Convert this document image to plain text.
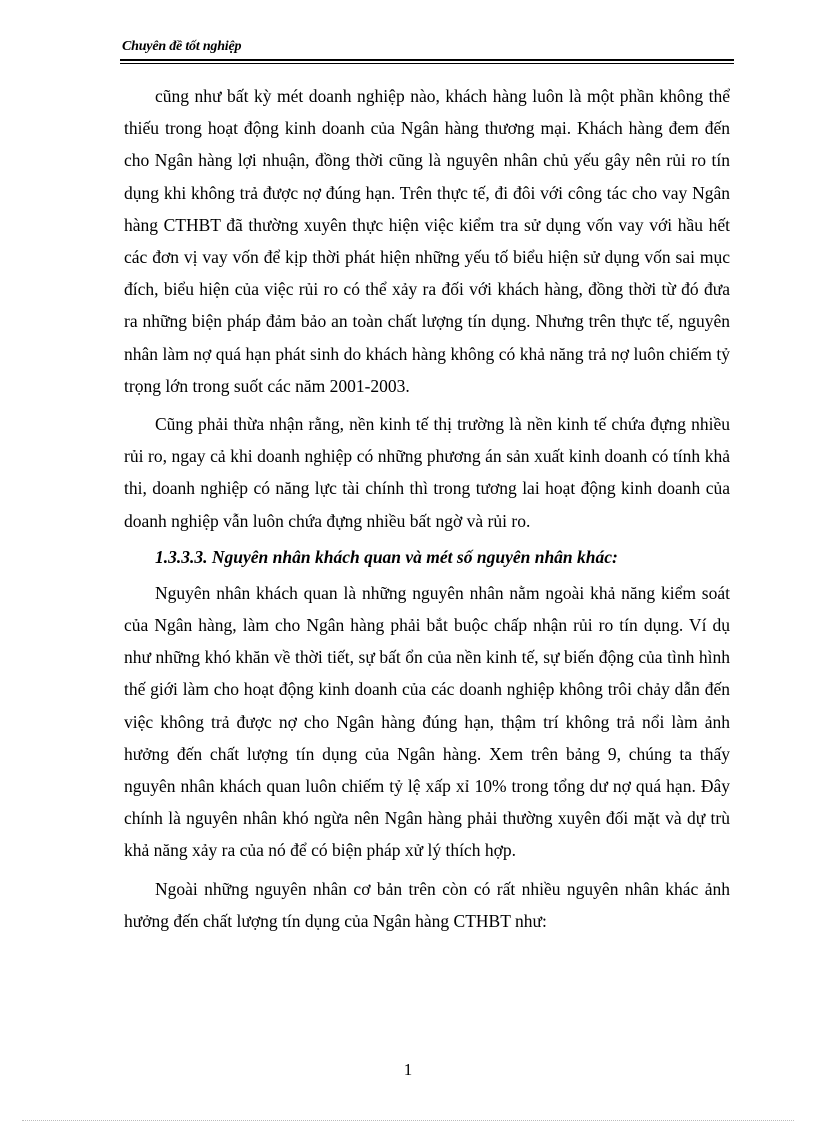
Chuyên đề tốt nghiệp

cũng như bất kỳ mét doanh nghiệp nào, khách hàng luôn là một phần không thể thiếu trong hoạt động kinh doanh của Ngân hàng thương mại. Khách hàng đem đến cho Ngân hàng lợi nhuận, đồng thời cũng là nguyên nhân chủ yếu gây nên rủi ro tín dụng khi không trả được nợ đúng hạn. Trên thực tế, đi đôi với công tác cho vay Ngân hàng CTHBT đã thường xuyên thực hiện việc kiểm tra sử dụng vốn vay với hầu hết các đơn vị vay vốn để kịp thời phát hiện những yếu tố biểu hiện sử dụng vốn sai mục đích, biểu hiện của việc rủi ro có thể xảy ra đối với khách hàng, đồng thời từ đó đưa ra những biện pháp đảm bảo an toàn chất lượng tín dụng. Nhưng trên thực tế, nguyên nhân làm nợ quá hạn phát sinh do khách hàng không có khả năng trả nợ luôn chiếm tỷ trọng lớn trong suốt các năm 2001-2003.

Cũng phải thừa nhận rằng, nền kinh tế thị trường là nền kinh tế chứa đựng nhiều rủi ro, ngay cả khi doanh nghiệp có những phương án sản xuất kinh doanh có tính khả thi, doanh nghiệp có năng lực tài chính thì trong tương lai hoạt động kinh doanh của doanh nghiệp vẫn luôn chứa đựng nhiều bất ngờ và rủi ro.

1.3.3.3. Nguyên nhân khách quan và mét số nguyên nhân khác:

Nguyên nhân khách quan là những nguyên nhân nằm ngoài khả năng kiểm soát của Ngân hàng, làm cho Ngân hàng phải bắt buộc chấp nhận rủi ro tín dụng. Ví dụ như những khó khăn về thời tiết, sự bất ổn của nền kinh tế, sự biến động của tình hình thế giới làm cho hoạt động kinh doanh của các doanh nghiệp không trôi chảy dẫn đến việc không trả được nợ cho Ngân hàng đúng hạn, thậm trí không trả nổi làm ảnh hưởng đến chất lượng tín dụng của Ngân hàng. Xem trên bảng 9, chúng ta thấy nguyên nhân khách quan luôn chiếm tỷ lệ xấp xỉ 10% trong tổng dư nợ quá hạn. Đây chính là nguyên nhân khó ngừa nên Ngân hàng phải thường xuyên đối mặt và dự trù khả năng xảy ra của nó để có biện pháp xử lý thích hợp.

Ngoài những nguyên nhân cơ bản trên còn có rất nhiều nguyên nhân khác ảnh hưởng đến chất lượng tín dụng của Ngân hàng CTHBT như:

1
